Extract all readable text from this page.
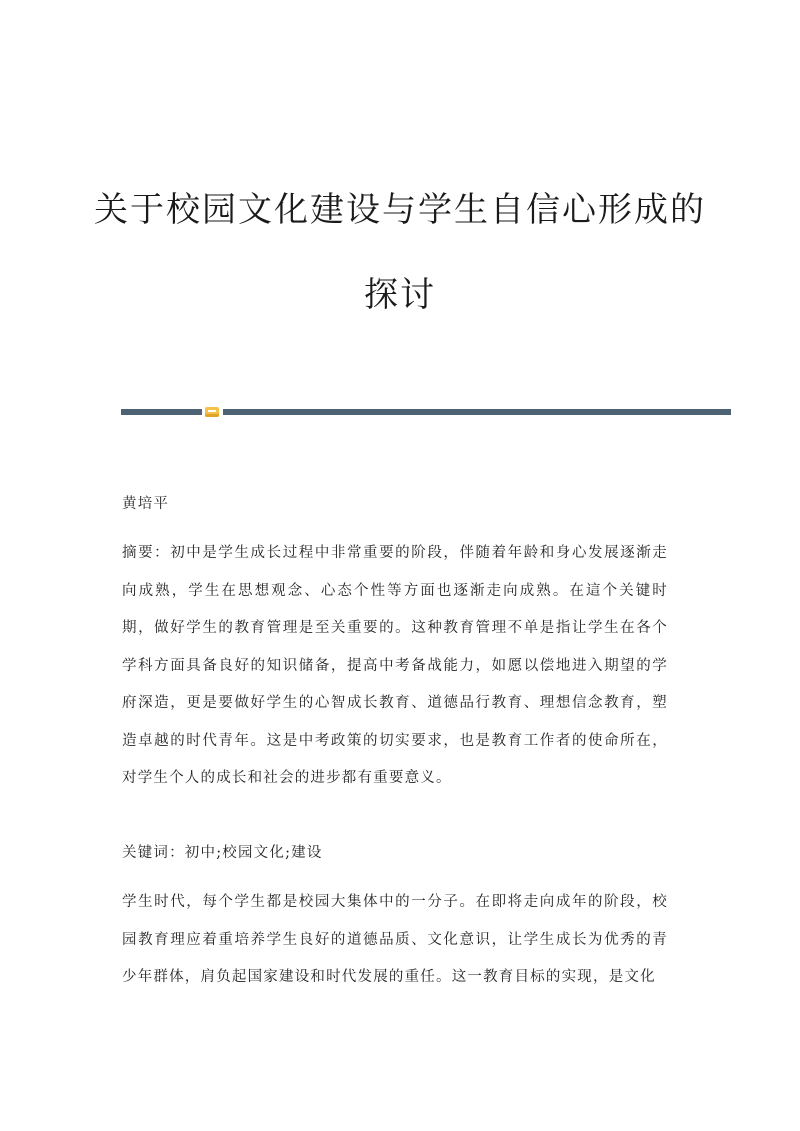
关于校园文化建设与学生自信心形成的
探讨
黄培平
摘要：初中是学生成长过程中非常重要的阶段，伴随着年龄和身心发展逐渐走向成熟，学生在思想观念、心态个性等方面也逐渐走向成熟。在這个关键时期，做好学生的教育管理是至关重要的。这种教育管理不单是指让学生在各个学科方面具备良好的知识储备，提高中考备战能力，如愿以偿地进入期望的学府深造，更是要做好学生的心智成长教育、道德品行教育、理想信念教育，塑造卓越的时代青年。这是中考政策的切实要求，也是教育工作者的使命所在，对学生个人的成长和社会的进步都有重要意义。
关键词：初中;校园文化;建设
学生时代，每个学生都是校园大集体中的一分子。在即将走向成年的阶段，校园教育理应着重培养学生良好的道德品质、文化意识，让学生成长为优秀的青少年群体，肩负起国家建设和时代发展的重任。这一教育目标的实现，是文化
